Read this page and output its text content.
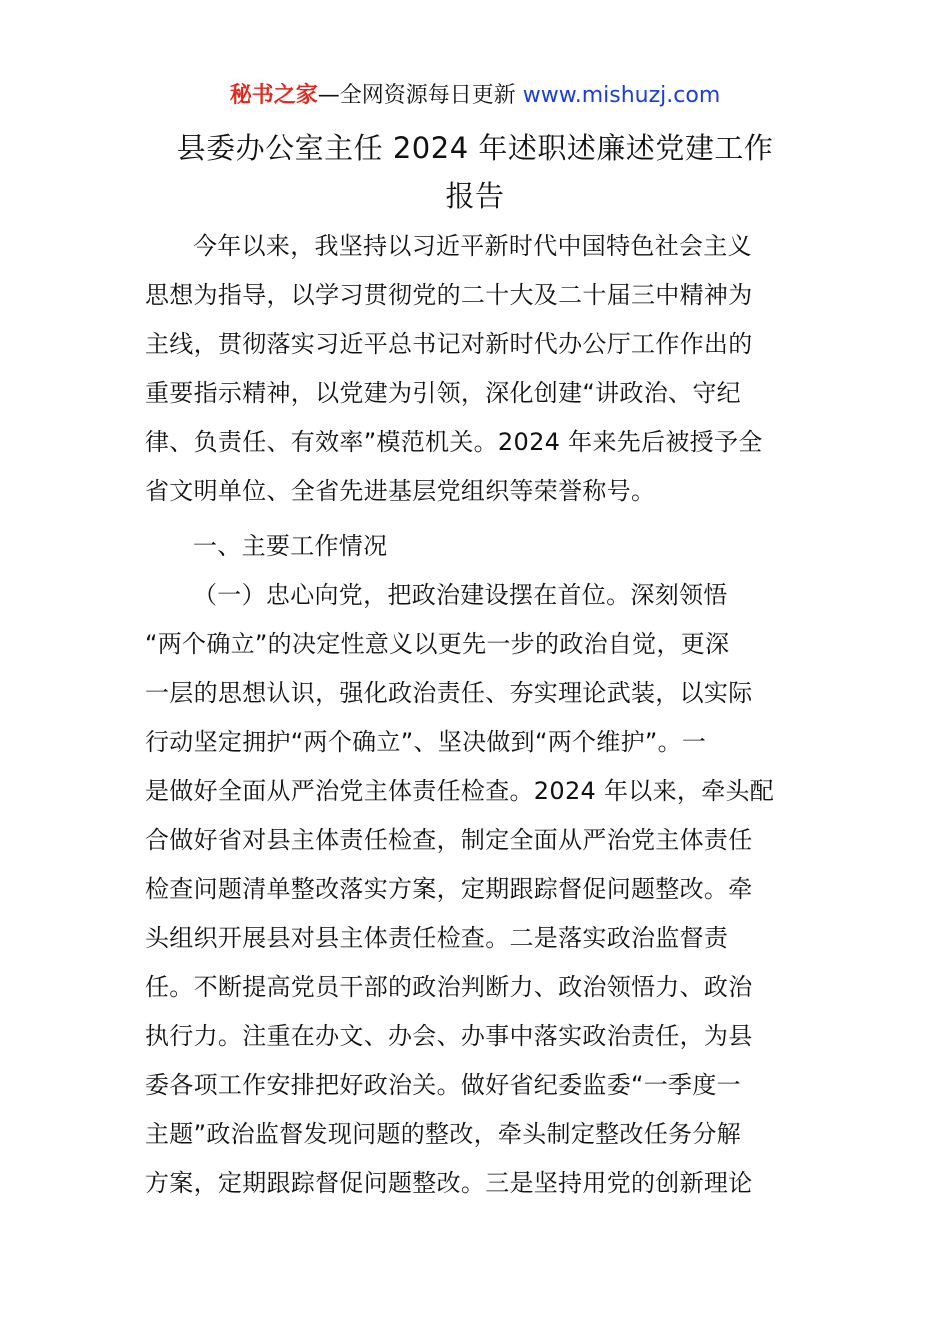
秘书之家—全网资源每日更新 www.mishuzj.com
县委办公室主任 2024 年述职述廉述党建工作
报告
今年以来，我坚持以习近平新时代中国特色社会主义
思想为指导，以学习贯彻党的二十大及二十届三中精神为
主线，贯彻落实习近平总书记对新时代办公厅工作作出的
重要指示精神，以党建为引领，深化创建“讲政治、守纪
律、负责任、有效率”模范机关。2024 年来先后被授予全
省文明单位、全省先进基层党组织等荣誉称号。
一、主要工作情况
（一）忠心向党，把政治建设摆在首位。深刻领悟
“两个确立”的决定性意义以更先一步的政治自觉，更深
一层的思想认识，强化政治责任、夯实理论武装，以实际
行动坚定拥护“两个确立”、坚决做到“两个维护”。一
是做好全面从严治党主体责任检查。2024 年以来，牵头配
合做好省对县主体责任检查，制定全面从严治党主体责任
检查问题清单整改落实方案，定期跟踪督促问题整改。牵
头组织开展县对县主体责任检查。二是落实政治监督责
任。不断提高党员干部的政治判断力、政治领悟力、政治
执行力。注重在办文、办会、办事中落实政治责任，为县
委各项工作安排把好政治关。做好省纪委监委“一季度一
主题”政治监督发现问题的整改，牵头制定整改任务分解
方案，定期跟踪督促问题整改。三是坚持用党的创新理论
